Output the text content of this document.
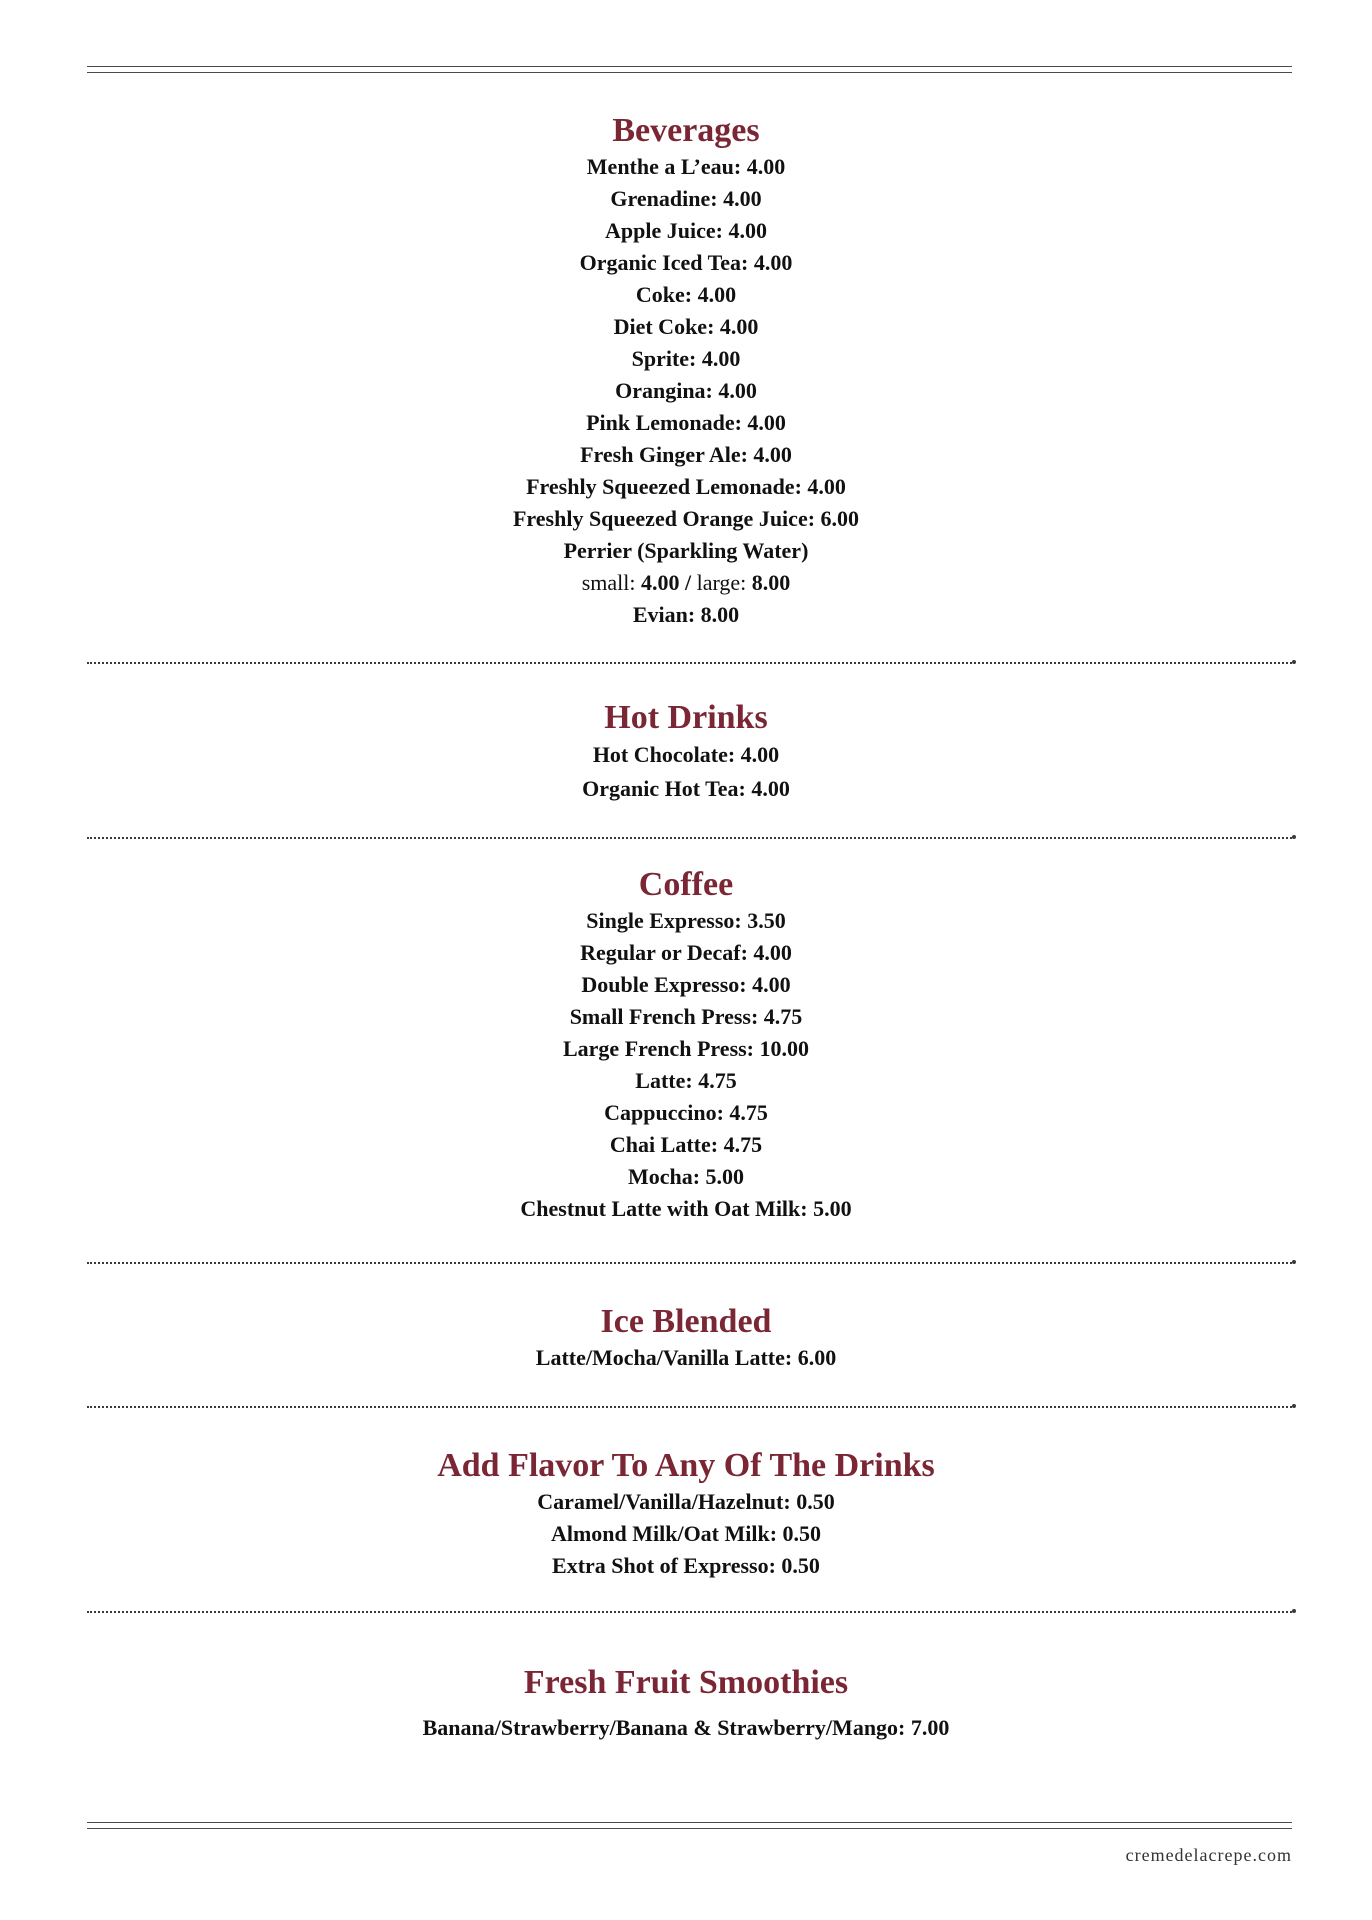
Beverages
Menthe a L’eau: 4.00
Grenadine: 4.00
Apple Juice: 4.00
Organic Iced Tea: 4.00
Coke: 4.00
Diet Coke: 4.00
Sprite: 4.00
Orangina: 4.00
Pink Lemonade: 4.00
Fresh Ginger Ale: 4.00
Freshly Squeezed Lemonade: 4.00
Freshly Squeezed Orange Juice: 6.00
Perrier (Sparkling Water)
small: 4.00 / large: 8.00
Evian: 8.00
Hot Drinks
Hot Chocolate: 4.00
Organic Hot Tea: 4.00
Coffee
Single Expresso: 3.50
Regular or Decaf: 4.00
Double Expresso: 4.00
Small French Press: 4.75
Large French Press: 10.00
Latte: 4.75
Cappuccino: 4.75
Chai Latte: 4.75
Mocha: 5.00
Chestnut Latte with Oat Milk: 5.00
Ice Blended
Latte/Mocha/Vanilla Latte: 6.00
Add Flavor To Any Of The Drinks
Caramel/Vanilla/Hazelnut: 0.50
Almond Milk/Oat Milk: 0.50
Extra Shot of Expresso: 0.50
Fresh Fruit Smoothies
Banana/Strawberry/Banana & Strawberry/Mango: 7.00
cremedelacrepe.com
